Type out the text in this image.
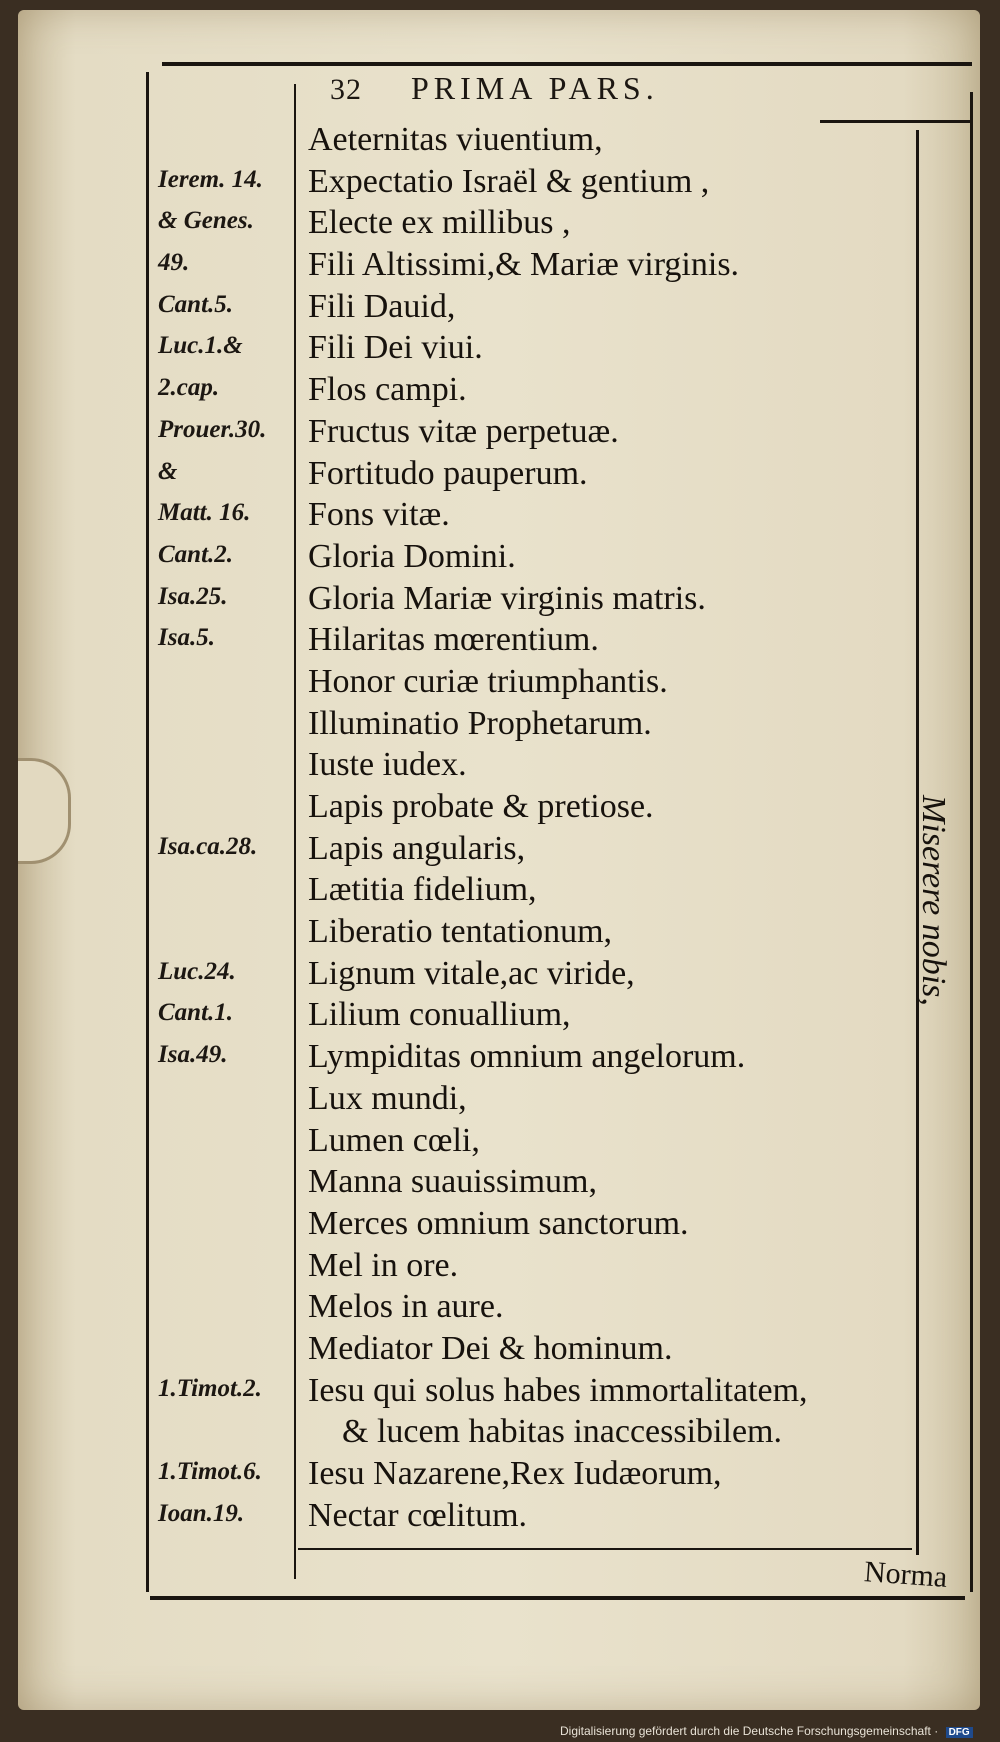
32 PRIMA PARS.
Aeternitas viuentium,
Ierem. 14.	Expectatio Israël & gentium ,
& Genes.	Electe ex millibus ,
49.	Fili Altissimi,& Mariæ virginis.
Cant.5.	Fili Dauid,
Luc.1.&	Fili Dei viui.
2.cap.	Flos campi.
Prouer.30.	Fructus vitæ perpetuæ.
&	Fortitudo pauperum.
Matt. 16.	Fons vitæ.
Cant.2.	Gloria Domini.
Isa.25.	Gloria Mariæ virginis matris.
Isa.5.	Hilaritas mœrentium.
Honor curiæ triumphantis.
Illuminatio Prophetarum.
Iuste iudex.
Lapis probate & pretiose.
Isa.ca.28.	Lapis angularis,
Lætitia fidelium,
Liberatio tentationum,
Luc.24.	Lignum vitale,ac viride,
Cant.1.	Lilium conuallium,
Isa.49.	Lympiditas omnium angelorum.
Lux mundi,
Lumen cœli,
Manna suauissimum,
Merces omnium sanctorum.
Mel in ore.
Melos in aure.
Mediator Dei & hominum.
1.Timot.2.	Iesu qui solus habes immortalitatem,
& lucem habitas inaccessibilem.
1.Timot.6.	Iesu Nazarene,Rex Iudæorum,
Ioan.19.	Nectar cœlitum.
Miserere nobis,
Norma
Digitalisierung gefördert durch die Deutsche Forschungsgemeinschaft · DFG
